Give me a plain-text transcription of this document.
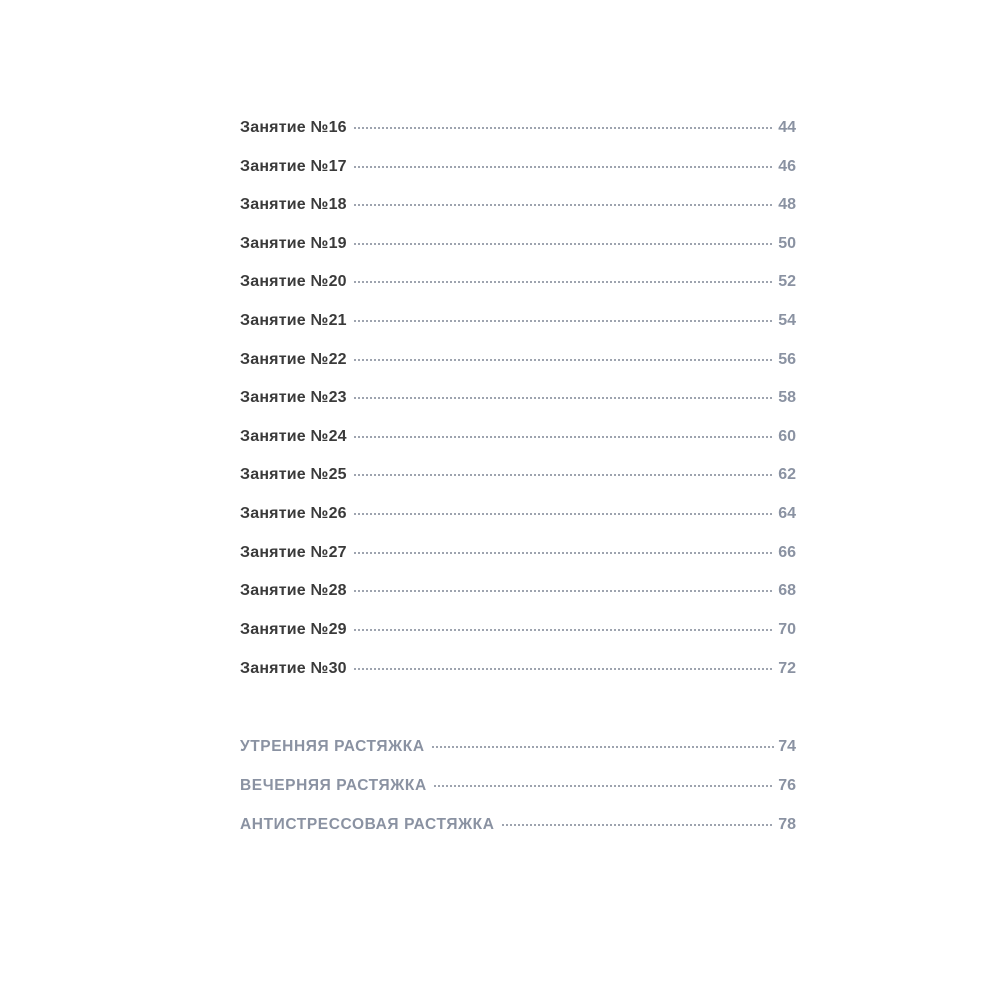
Занятие №16	44
Занятие №17	46
Занятие №18	48
Занятие №19	50
Занятие №20	52
Занятие №21	54
Занятие №22	56
Занятие №23	58
Занятие №24	60
Занятие №25	62
Занятие №26	64
Занятие №27	66
Занятие №28	68
Занятие №29	70
Занятие №30	72
УТРЕННЯЯ РАСТЯЖКА	74
ВЕЧЕРНЯЯ РАСТЯЖКА	76
АНТИСТРЕССОВАЯ РАСТЯЖКА	78
